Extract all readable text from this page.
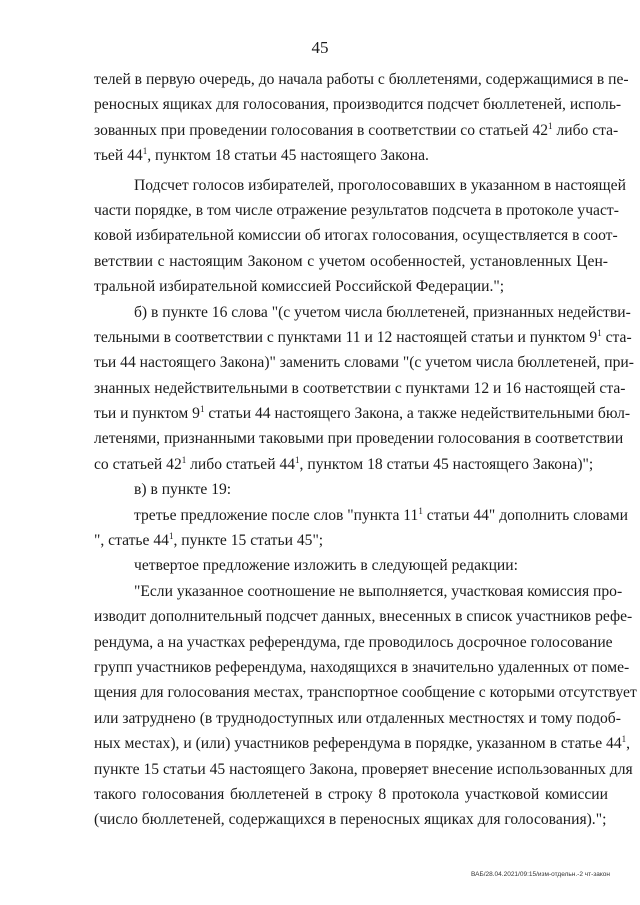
45
телей в первую очередь, до начала работы с бюллетенями, содержащимися в пе-
реносных ящиках для голосования, производится подсчет бюллетеней, исполь-
зованных при проведении голосования в соответствии со статьей $42^1$ либо ста-
тьей $44^1$, пунктом 18 статьи 45 настоящего Закона.
Подсчет голосов избирателей, проголосовавших в указанном в настоящей
части порядке, в том числе отражение результатов подсчета в протоколе участ-
ковой избирательной комиссии об итогах голосования, осуществляется в соот-
ветствии с настоящим Законом с учетом особенностей, установленных Цен-
тральной избирательной комиссией Российской Федерации.";
б) в пункте 16 слова "(с учетом числа бюллетеней, признанных недействи-
тельными в соответствии с пунктами 11 и 12 настоящей статьи и пунктом $9^1$ ста-
тьи 44 настоящего Закона)" заменить словами "(с учетом числа бюллетеней, при-
знанных недействительными в соответствии с пунктами 12 и 16 настоящей ста-
тьи и пунктом $9^1$ статьи 44 настоящего Закона, а также недействительными бюл-
летенями, признанными таковыми при проведении голосования в соответствии
со статьей $42^1$ либо статьей $44^1$, пунктом 18 статьи 45 настоящего Закона)";
в) в пункте 19:
третье предложение после слов "пункта $11^1$ статьи 44" дополнить словами
", статье $44^1$, пункте 15 статьи 45";
четвертое предложение изложить в следующей редакции:
"Если указанное соотношение не выполняется, участковая комиссия про-
изводит дополнительный подсчет данных, внесенных в список участников рефе-
рендума, а на участках референдума, где проводилось досрочное голосование
групп участников референдума, находящихся в значительно удаленных от поме-
щения для голосования местах, транспортное сообщение с которыми отсутствует
или затруднено (в труднодоступных или отдаленных местностях и тому подоб-
ных местах), и (или) участников референдума в порядке, указанном в статье $44^1$,
пункте 15 статьи 45 настоящего Закона, проверяет внесение использованных для
такого голосования бюллетеней в строку 8 протокола участковой комиссии
(число бюллетеней, содержащихся в переносных ящиках для голосования).";
ВАБ/28.04.2021/09:15/изм-отдельн.-2 чт-закон
